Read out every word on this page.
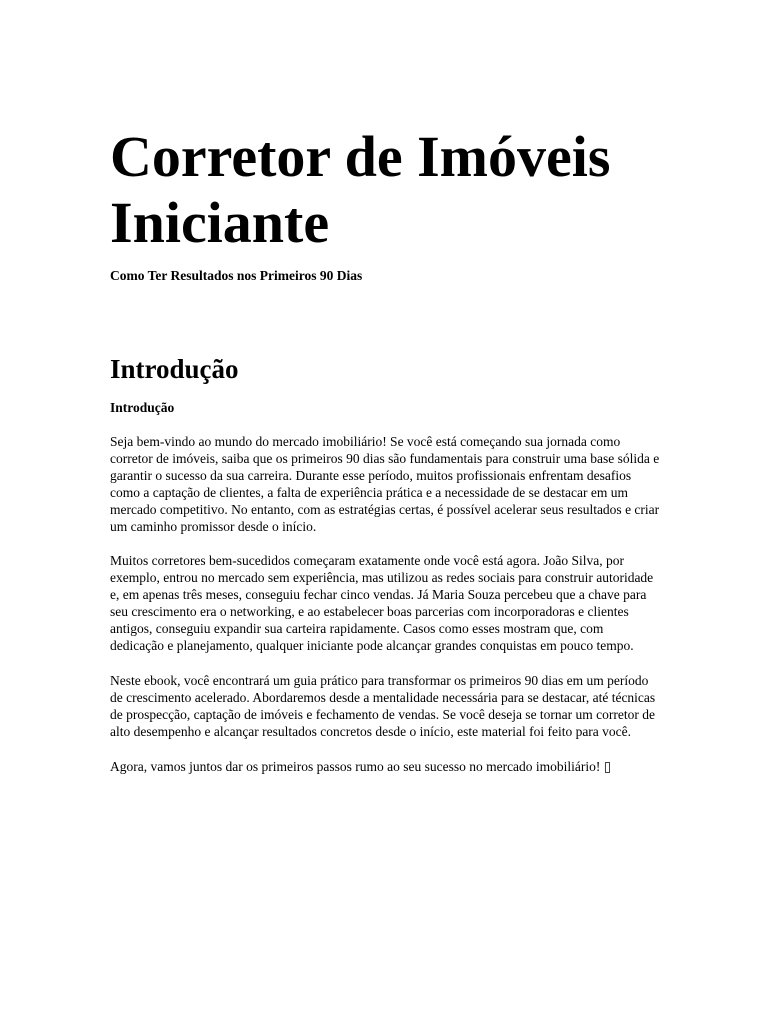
Corretor de Imóveis Iniciante

Como Ter Resultados nos Primeiros 90 Dias

Introdução

Introdução

Seja bem-vindo ao mundo do mercado imobiliário! Se você está começando sua jornada como corretor de imóveis, saiba que os primeiros 90 dias são fundamentais para construir uma base sólida e garantir o sucesso da sua carreira. Durante esse período, muitos profissionais enfrentam desafios como a captação de clientes, a falta de experiência prática e a necessidade de se destacar em um mercado competitivo. No entanto, com as estratégias certas, é possível acelerar seus resultados e criar um caminho promissor desde o início.

Muitos corretores bem-sucedidos começaram exatamente onde você está agora. João Silva, por exemplo, entrou no mercado sem experiência, mas utilizou as redes sociais para construir autoridade e, em apenas três meses, conseguiu fechar cinco vendas. Já Maria Souza percebeu que a chave para seu crescimento era o networking, e ao estabelecer boas parcerias com incorporadoras e clientes antigos, conseguiu expandir sua carteira rapidamente. Casos como esses mostram que, com dedicação e planejamento, qualquer iniciante pode alcançar grandes conquistas em pouco tempo.

Neste ebook, você encontrará um guia prático para transformar os primeiros 90 dias em um período de crescimento acelerado. Abordaremos desde a mentalidade necessária para se destacar, até técnicas de prospecção, captação de imóveis e fechamento de vendas. Se você deseja se tornar um corretor de alto desempenho e alcançar resultados concretos desde o início, este material foi feito para você.

Agora, vamos juntos dar os primeiros passos rumo ao seu sucesso no mercado imobiliário! ▯
